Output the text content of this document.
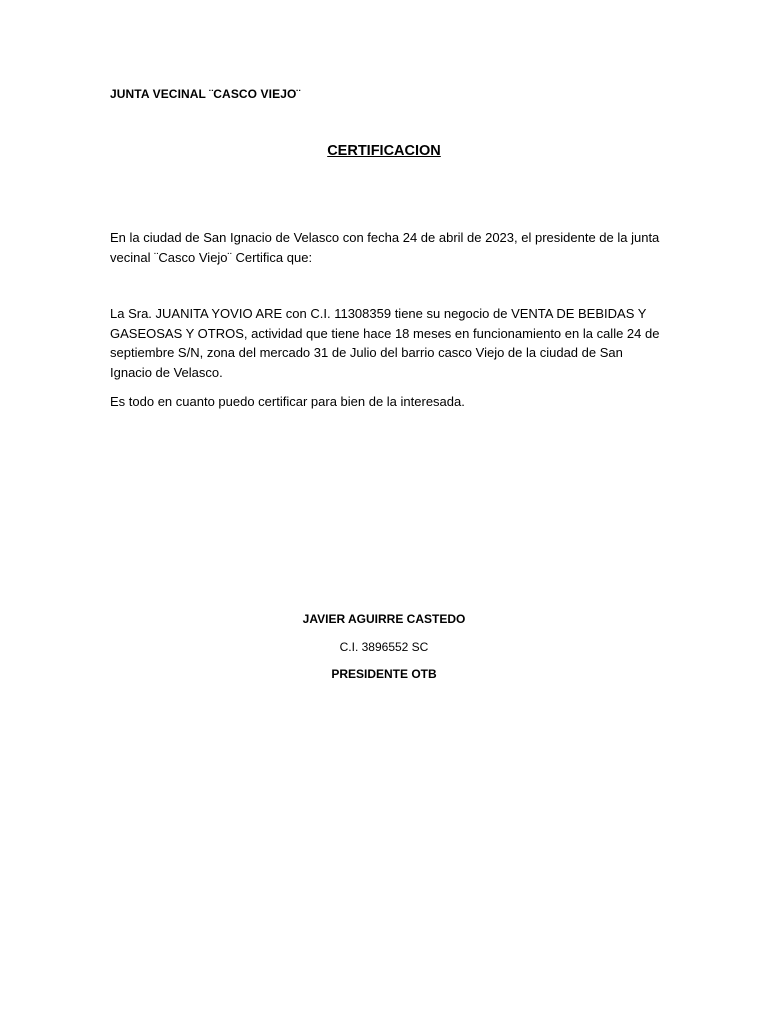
JUNTA VECINAL ¨CASCO VIEJO¨
CERTIFICACION
En la ciudad de San Ignacio de Velasco con fecha 24 de abril de 2023, el presidente de la junta vecinal ¨Casco Viejo¨ Certifica que:
La Sra. JUANITA YOVIO ARE con C.I. 11308359 tiene su negocio de VENTA DE BEBIDAS Y GASEOSAS Y OTROS, actividad que tiene hace 18 meses en funcionamiento en la calle 24 de septiembre S/N, zona del mercado 31 de Julio del barrio casco Viejo de la ciudad de San Ignacio de Velasco.
Es todo en cuanto puedo certificar para bien de la interesada.
JAVIER AGUIRRE CASTEDO
C.I. 3896552 SC
PRESIDENTE OTB
